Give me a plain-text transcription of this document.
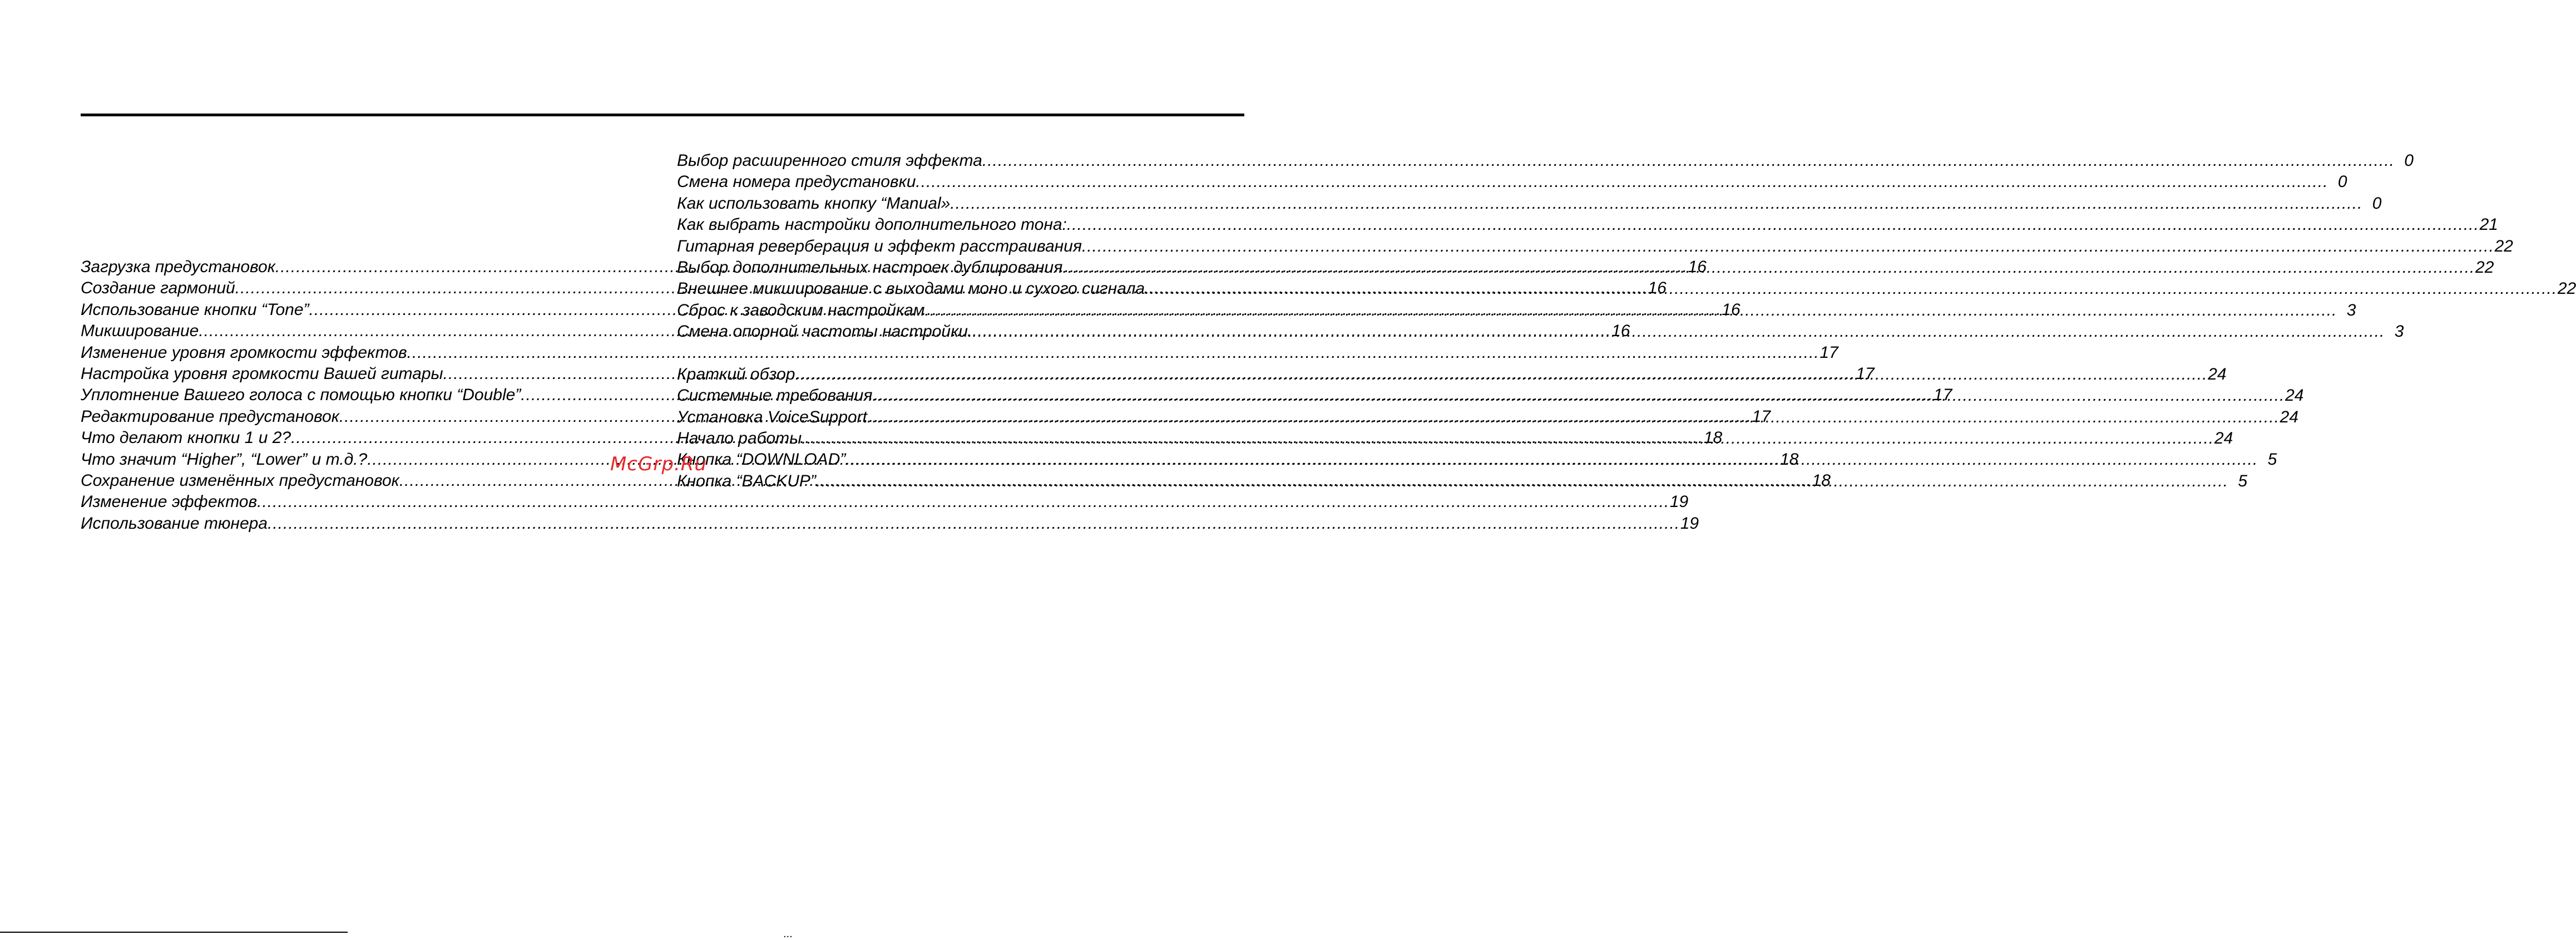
Загрузка предустановок .....	16
Создание гармоний .....	16
Использование кнопки “Tone” .....	16
Микширование .....	16
Изменение уровня громкости эффектов .....	17
Настройка уровня громкости Вашей гитары .....	17
Уплотнение Вашего голоса с помощью кнопки “Double” .....	17
Редактирование предустановок .....	17
Что делают кнопки 1 и 2? .....	18
Что значит “Higher”, “Lower” и т.д.? .....	18
Сохранение изменённых предустановок .....	18
Изменение эффектов .....	19
Использование тюнера .....	19
Выбор расширенного стиля эффекта .....	0
Смена номера предустановки .....	0
Как использовать кнопку “Manual» .....	0
Как выбрать настройки дополнительного тона: .....	21
Гитарная реверберация и эффект расстраивания .....	22
Выбор дополнительных настроек дублирования .....	22
Внешнее микширование с выходами моно и сухого сигнала .....	22
Сброс к заводским настройкам .....	3
Смена опорной частоты настройки. .....	3
Краткий обзор .....	24
Системные требования .....	24
Установка VoiceSupport .....	24
Начало работы .....	24
Кнопка “DOWNLOAD” .....	5
Кнопка “BACKUP” .....	5
McGrp.Ru
...
